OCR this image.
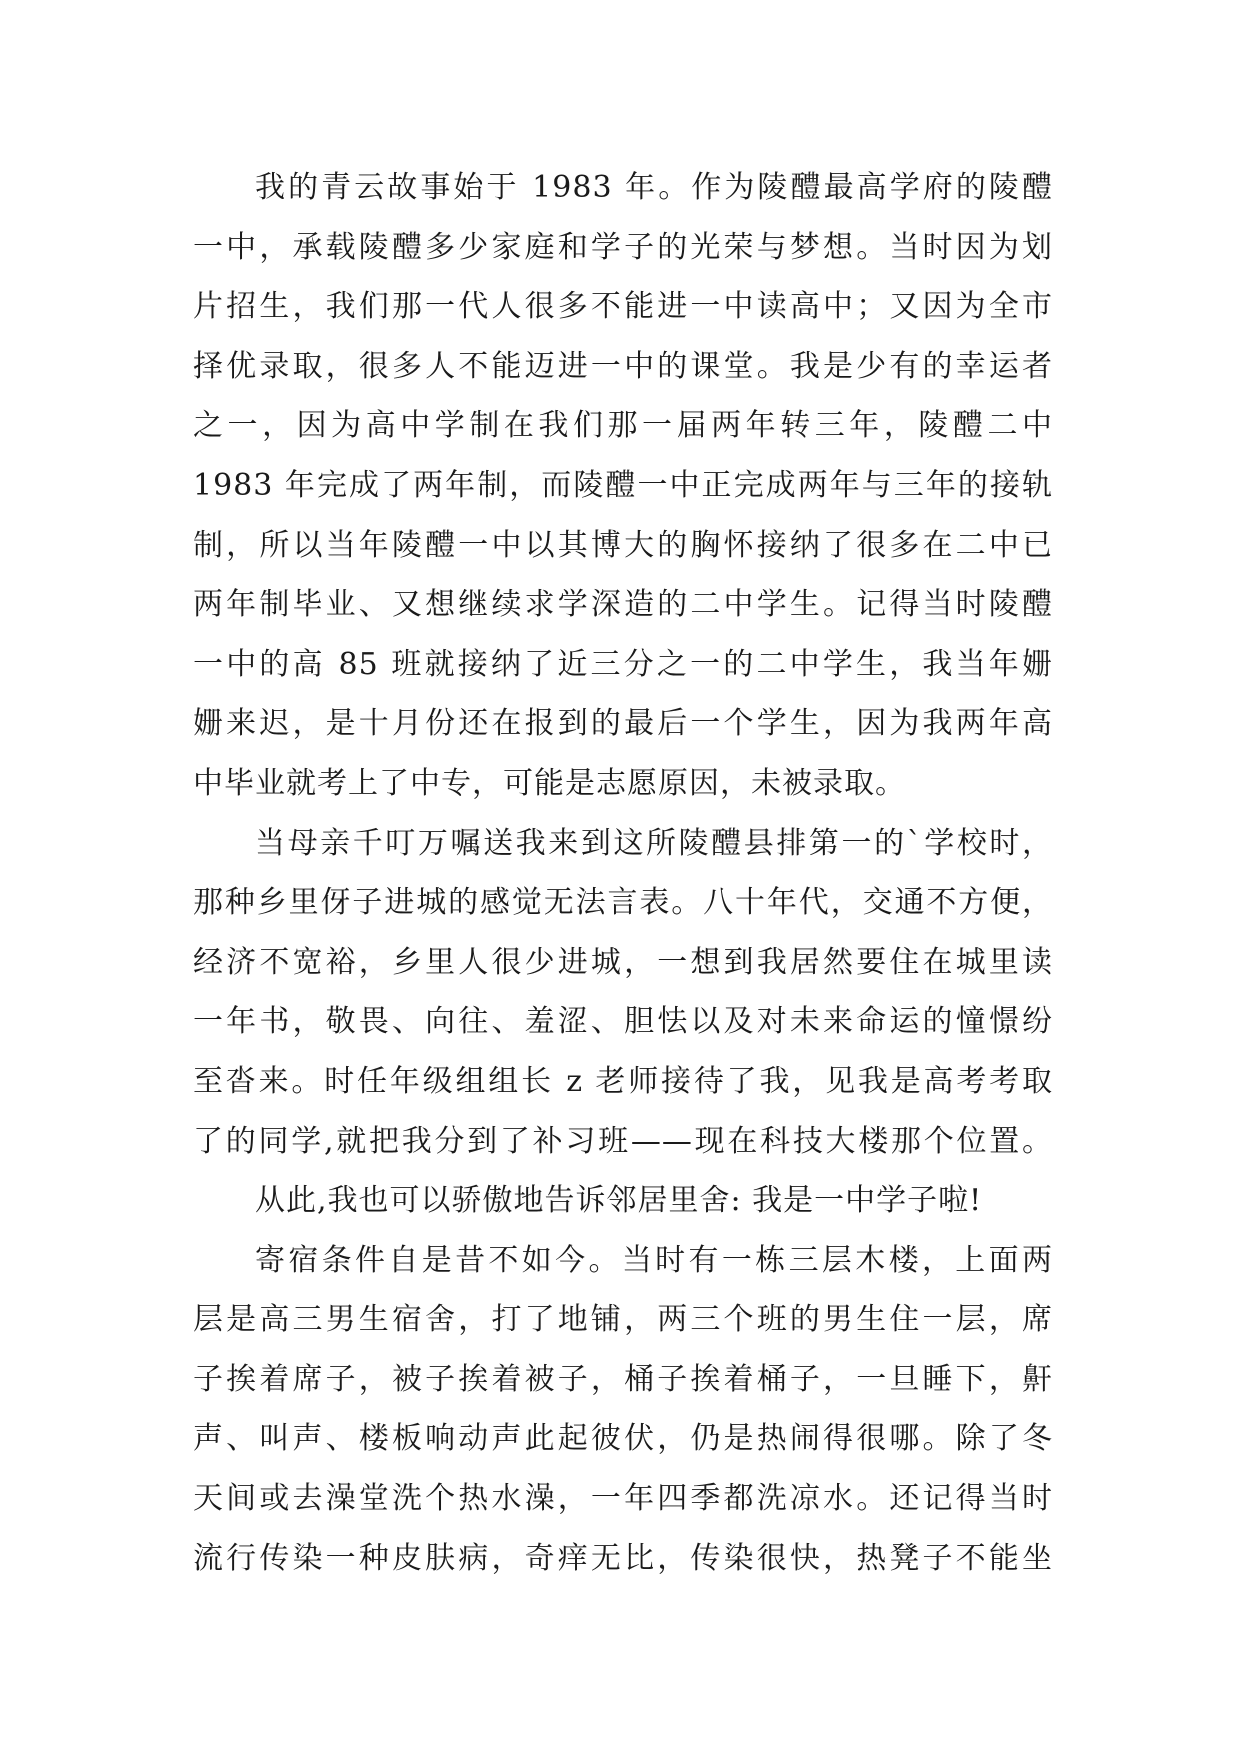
我的青云故事始于 1983 年。作为陵醴最高学府的陵醴
一中，承载陵醴多少家庭和学子的光荣与梦想。当时因为划
片招生，我们那一代人很多不能进一中读高中；又因为全市
择优录取，很多人不能迈进一中的课堂。我是少有的幸运者
之一，因为高中学制在我们那一届两年转三年，陵醴二中
1983 年完成了两年制，而陵醴一中正完成两年与三年的接轨
制，所以当年陵醴一中以其博大的胸怀接纳了很多在二中已
两年制毕业、又想继续求学深造的二中学生。记得当时陵醴
一中的高 85 班就接纳了近三分之一的二中学生，我当年姗
姗来迟，是十月份还在报到的最后一个学生，因为我两年高
中毕业就考上了中专，可能是志愿原因，未被录取。
当母亲千叮万嘱送我来到这所陵醴县排第一的`学校时，
那种乡里伢子进城的感觉无法言表。八十年代，交通不方便，
经济不宽裕，乡里人很少进城，一想到我居然要住在城里读
一年书，敬畏、向往、羞涩、胆怯以及对未来命运的憧憬纷
至沓来。时任年级组组长 z 老师接待了我，见我是高考考取
了的同学,就把我分到了补习班——现在科技大楼那个位置。
从此,我也可以骄傲地告诉邻居里舍: 我是一中学子啦!
寄宿条件自是昔不如今。当时有一栋三层木楼，上面两
层是高三男生宿舍，打了地铺，两三个班的男生住一层，席
子挨着席子，被子挨着被子，桶子挨着桶子，一旦睡下，鼾
声、叫声、楼板响动声此起彼伏，仍是热闹得很哪。除了冬
天间或去澡堂洗个热水澡，一年四季都洗凉水。还记得当时
流行传染一种皮肤病，奇痒无比，传染很快，热凳子不能坐
